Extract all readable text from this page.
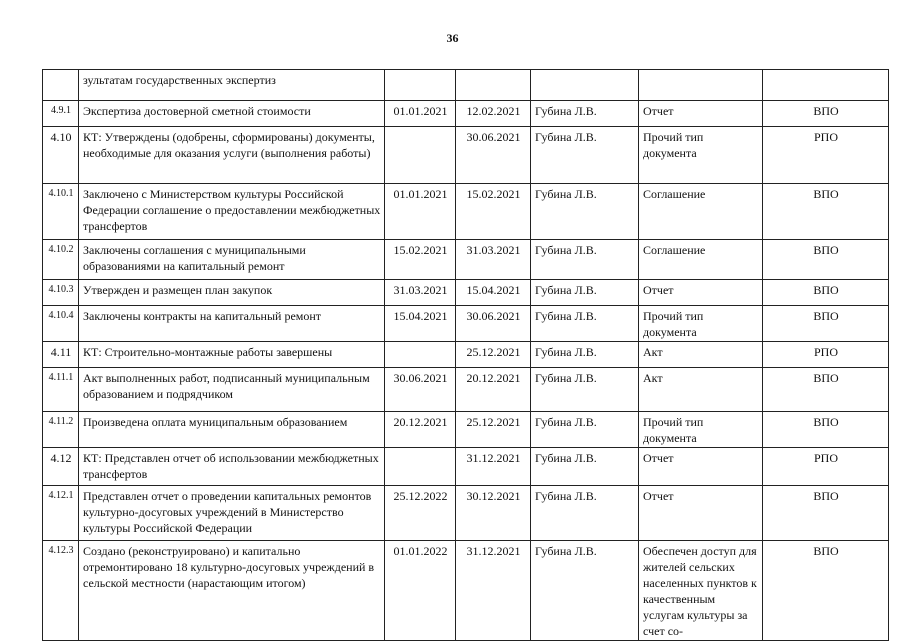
36
	зультатам государственных экспертиз					
4.9.1	Экспертиза достоверной сметной стоимости	01.01.2021	12.02.2021	Губина Л.В.	Отчет	ВПО
4.10	КТ: Утверждены (одобрены, сформированы) документы, необходимые для оказания услуги (выполнения работы)		30.06.2021	Губина Л.В.	Прочий тип документа	РПО
4.10.1	Заключено с Министерством культуры Российской Федерации соглашение о предоставлении межбюджетных трансфертов	01.01.2021	15.02.2021	Губина Л.В.	Соглашение	ВПО
4.10.2	Заключены соглашения с муниципальными образованиями на капитальный ремонт	15.02.2021	31.03.2021	Губина Л.В.	Соглашение	ВПО
4.10.3	Утвержден и размещен план закупок	31.03.2021	15.04.2021	Губина Л.В.	Отчет	ВПО
4.10.4	Заключены контракты на капитальный ремонт	15.04.2021	30.06.2021	Губина Л.В.	Прочий тип документа	ВПО
4.11	КТ: Строительно-монтажные работы завершены		25.12.2021	Губина Л.В.	Акт	РПО
4.11.1	Акт выполненных работ, подписанный муниципальным образованием и подрядчиком	30.06.2021	20.12.2021	Губина Л.В.	Акт	ВПО
4.11.2	Произведена оплата муниципальным образованием	20.12.2021	25.12.2021	Губина Л.В.	Прочий тип документа	ВПО
4.12	КТ: Представлен отчет об использовании межбюджетных трансфертов		31.12.2021	Губина Л.В.	Отчет	РПО
4.12.1	Представлен отчет о проведении капитальных ремонтов культурно-досуговых учреждений в Министерство культуры Российской Федерации	25.12.2022	30.12.2021	Губина Л.В.	Отчет	ВПО
4.12.3	Создано (реконструировано) и капитально отремонтировано 18 культурно-досуговых учреждений в сельской местности (нарастающим итогом)	01.01.2022	31.12.2021	Губина Л.В.	Обеспечен доступ для жителей сельских населенных пунктов к качественным услугам культуры за счет со-	ВПО
